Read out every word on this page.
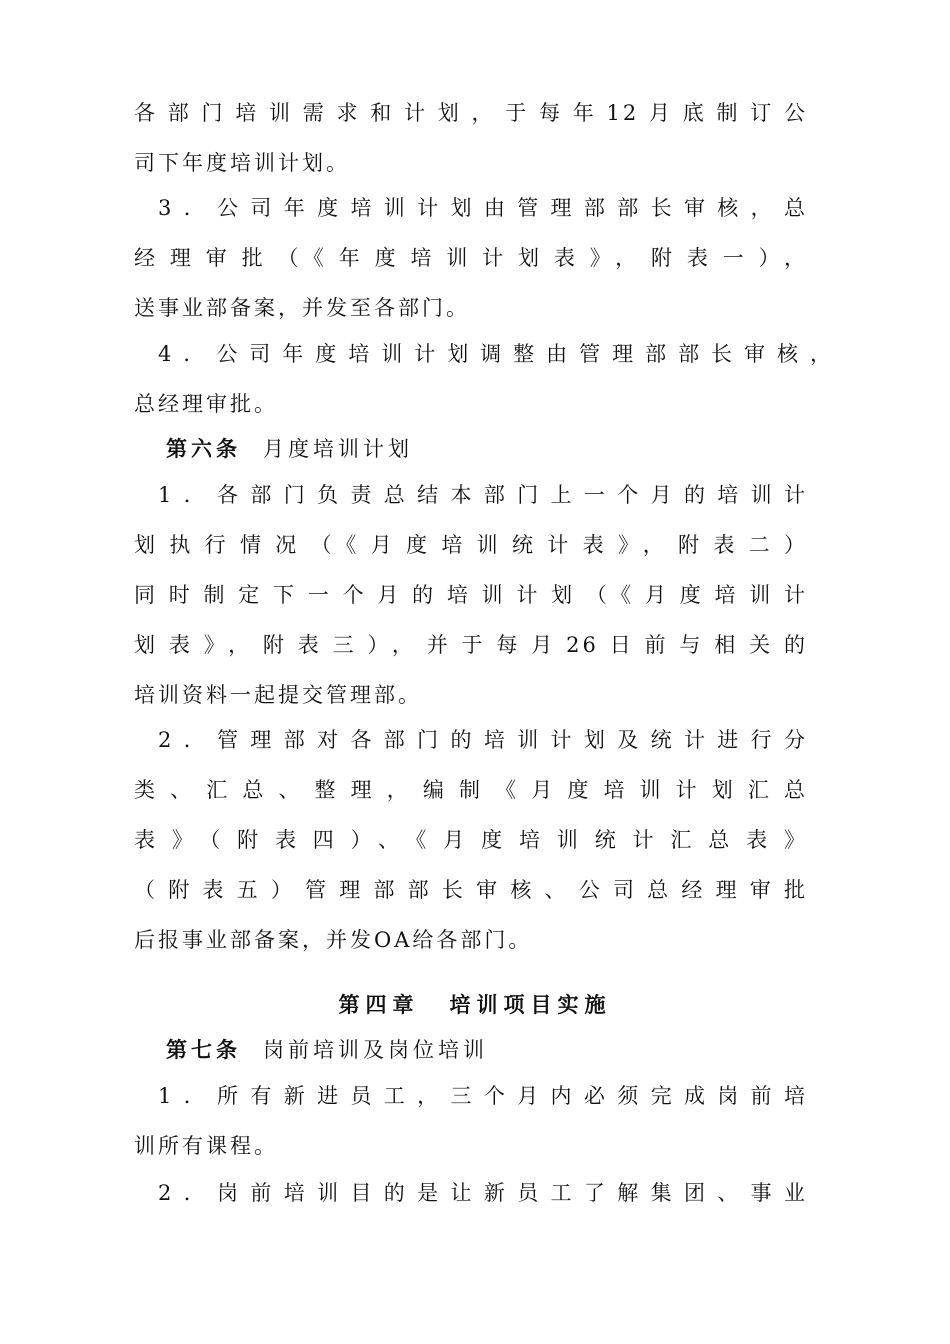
各部门培训需求和计划，于每年12月底制订公
司下年度培训计划。
3．公司年度培训计划由管理部部长审核，总
经理审批（《年度培训计划表》，附表一），
送事业部备案，并发至各部门。
4．公司年度培训计划调整由管理部部长审核，
总经理审批。
第六条 月度培训计划
1．各部门负责总结本部门上一个月的培训计
划执行情况（《月度培训统计表》，附表二）
同时制定下一个月的培训计划（《月度培训计
划表》，附表三），并于每月26日前与相关的
培训资料一起提交管理部。
2．管理部对各部门的培训计划及统计进行分
类、汇总、整理，编制《月度培训计划汇总
表》（附表四）、《月度培训统计汇总表》
（附表五）管理部部长审核、公司总经理审批
后报事业部备案，并发OA给各部门。
第四章 培训项目实施
第七条 岗前培训及岗位培训
1．所有新进员工，三个月内必须完成岗前培
训所有课程。
2．岗前培训目的是让新员工了解集团、事业
